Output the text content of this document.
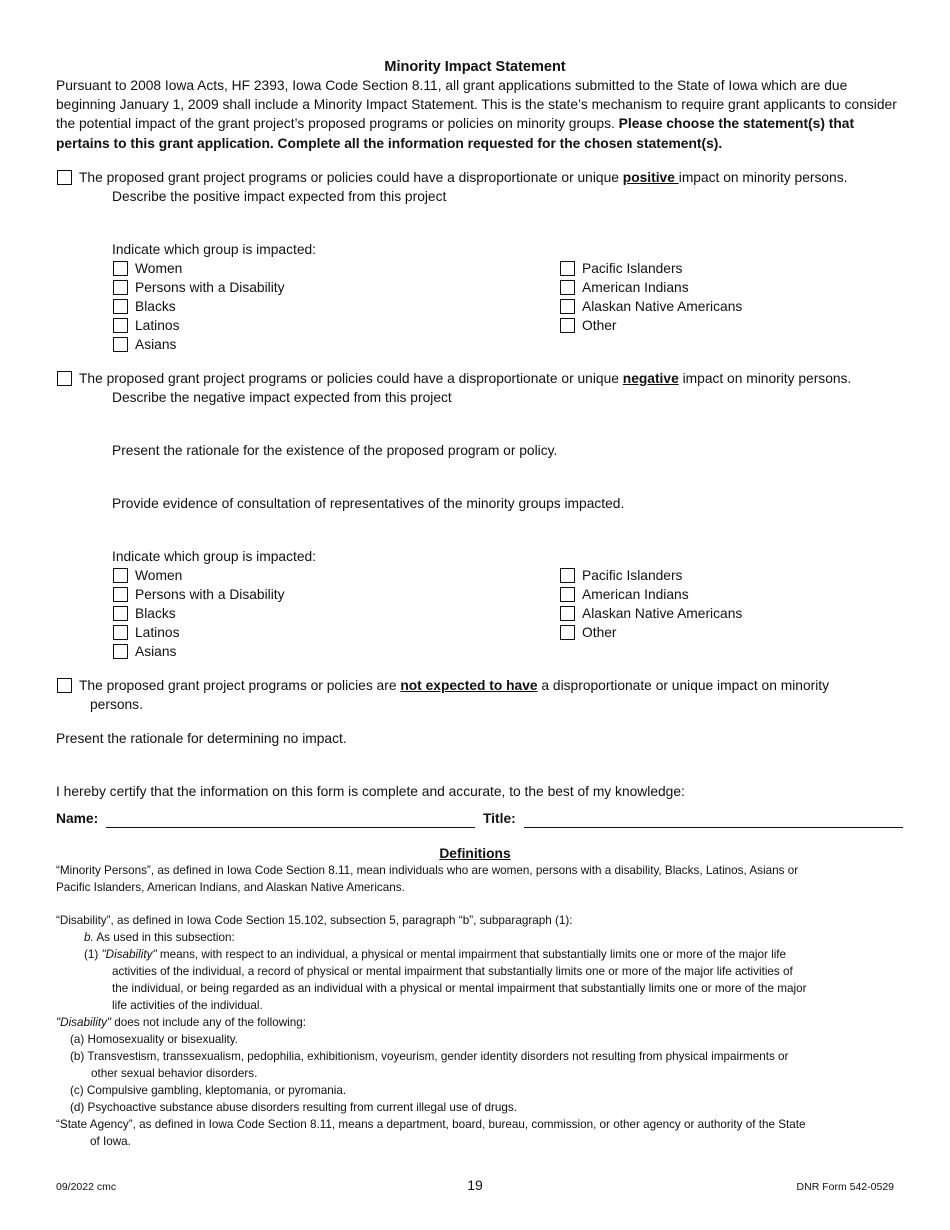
Minority Impact Statement
Pursuant to 2008 Iowa Acts, HF 2393, Iowa Code Section 8.11, all grant applications submitted to the State of Iowa which are due beginning January 1, 2009 shall include a Minority Impact Statement. This is the state’s mechanism to require grant applicants to consider the potential impact of the grant project’s proposed programs or policies on minority groups. Please choose the statement(s) that pertains to this grant application. Complete all the information requested for the chosen statement(s).
The proposed grant project programs or policies could have a disproportionate or unique positive impact on minority persons.
Describe the positive impact expected from this project
Indicate which group is impacted:
Women
Persons with a Disability
Blacks
Latinos
Asians
Pacific Islanders
American Indians
Alaskan Native Americans
Other
The proposed grant project programs or policies could have a disproportionate or unique negative impact on minority persons.
Describe the negative impact expected from this project
Present the rationale for the existence of the proposed program or policy.
Provide evidence of consultation of representatives of the minority groups impacted.
Indicate which group is impacted:
Women
Persons with a Disability
Blacks
Latinos
Asians
Pacific Islanders
American Indians
Alaskan Native Americans
Other
The proposed grant project programs or policies are not expected to have a disproportionate or unique impact on minority
persons.
Present the rationale for determining no impact.
I hereby certify that the information on this form is complete and accurate, to the best of my knowledge:
Name:	Title:
Definitions
“Minority Persons”, as defined in Iowa Code Section 8.11, mean individuals who are women, persons with a disability, Blacks, Latinos, Asians or
Pacific Islanders, American Indians, and Alaskan Native Americans.
“Disability”, as defined in Iowa Code Section 15.102, subsection 5, paragraph “b”, subparagraph (1):
b. As used in this subsection:
(1) "Disability" means, with respect to an individual, a physical or mental impairment that substantially limits one or more of the major life
activities of the individual, a record of physical or mental impairment that substantially limits one or more of the major life activities of
the individual, or being regarded as an individual with a physical or mental impairment that substantially limits one or more of the major
life activities of the individual.
"Disability" does not include any of the following:
(a) Homosexuality or bisexuality.
(b) Transvestism, transsexualism, pedophilia, exhibitionism, voyeurism, gender identity disorders not resulting from physical impairments or
other sexual behavior disorders.
(c) Compulsive gambling, kleptomania, or pyromania.
(d) Psychoactive substance abuse disorders resulting from current illegal use of drugs.
“State Agency”, as defined in Iowa Code Section 8.11, means a department, board, bureau, commission, or other agency or authority of the State
of Iowa.
09/2022 cmc	19	DNR Form 542-0529
